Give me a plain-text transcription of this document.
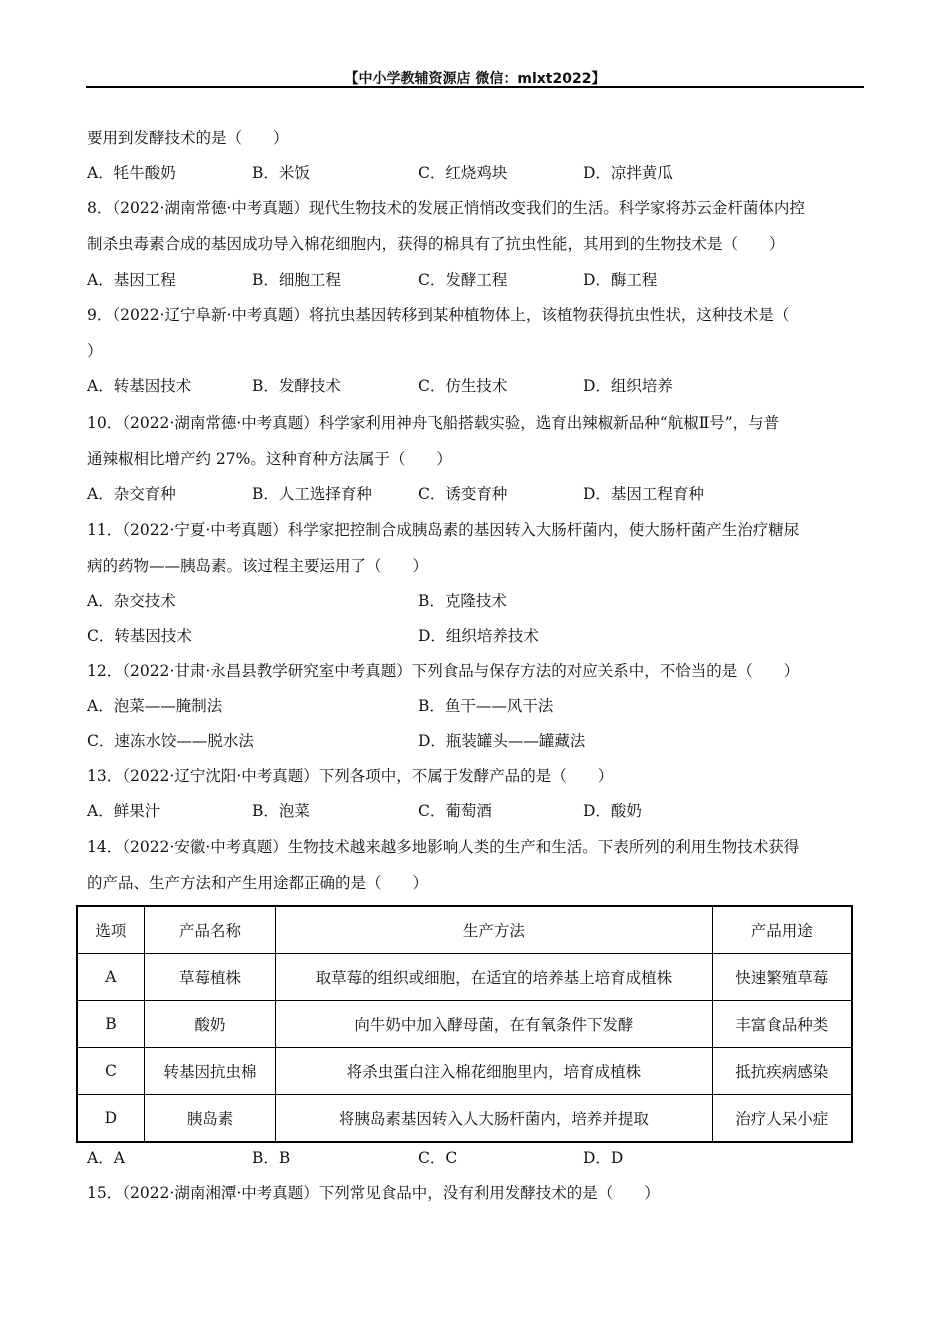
【中小学教辅资源店 微信：mlxt2022】
要用到发酵技术的是（　　）
A．牦牛酸奶	B．米饭	C．红烧鸡块	D．凉拌黄瓜
8．（2022·湖南常德·中考真题）现代生物技术的发展正悄悄改变我们的生活。科学家将苏云金杆菌体内控
制杀虫毒素合成的基因成功导入棉花细胞内，获得的棉具有了抗虫性能，其用到的生物技术是（　　）
A．基因工程	B．细胞工程	C．发酵工程	D．酶工程
9．（2022·辽宁阜新·中考真题）将抗虫基因转移到某种植物体上，该植物获得抗虫性状，这种技术是（
）
A．转基因技术	B．发酵技术	C．仿生技术	D．组织培养
10．（2022·湖南常德·中考真题）科学家利用神舟飞船搭载实验，选育出辣椒新品种“航椒Ⅱ号”，与普
通辣椒相比增产约 27%。这种育种方法属于（　　）
A．杂交育种	B．人工选择育种	C．诱变育种	D．基因工程育种
11．（2022·宁夏·中考真题）科学家把控制合成胰岛素的基因转入大肠杆菌内，使大肠杆菌产生治疗糖尿
病的药物——胰岛素。该过程主要运用了（　　）
A．杂交技术	B．克隆技术
C．转基因技术	D．组织培养技术
12．（2022·甘肃·永昌县教学研究室中考真题）下列食品与保存方法的对应关系中，不恰当的是（　　）
A．泡菜——腌制法	B．鱼干——风干法
C．速冻水饺——脱水法	D．瓶装罐头——罐藏法
13．（2022·辽宁沈阳·中考真题）下列各项中，不属于发酵产品的是（　　）
A．鲜果汁	B．泡菜	C．葡萄酒	D．酸奶
14．（2022·安徽·中考真题）生物技术越来越多地影响人类的生产和生活。下表所列的利用生物技术获得
的产品、生产方法和产生用途都正确的是（　　）
选项	产品名称	生产方法	产品用途
A	草莓植株	取草莓的组织或细胞，在适宜的培养基上培育成植株	快速繁殖草莓
B	酸奶	向牛奶中加入酵母菌，在有氧条件下发酵	丰富食品种类
C	转基因抗虫棉	将杀虫蛋白注入棉花细胞里内，培育成植株	抵抗疾病感染
D	胰岛素	将胰岛素基因转入人大肠杆菌内，培养并提取	治疗人呆小症
A．A	B．B	C．C	D．D
15．（2022·湖南湘潭·中考真题）下列常见食品中，没有利用发酵技术的是（　　）
